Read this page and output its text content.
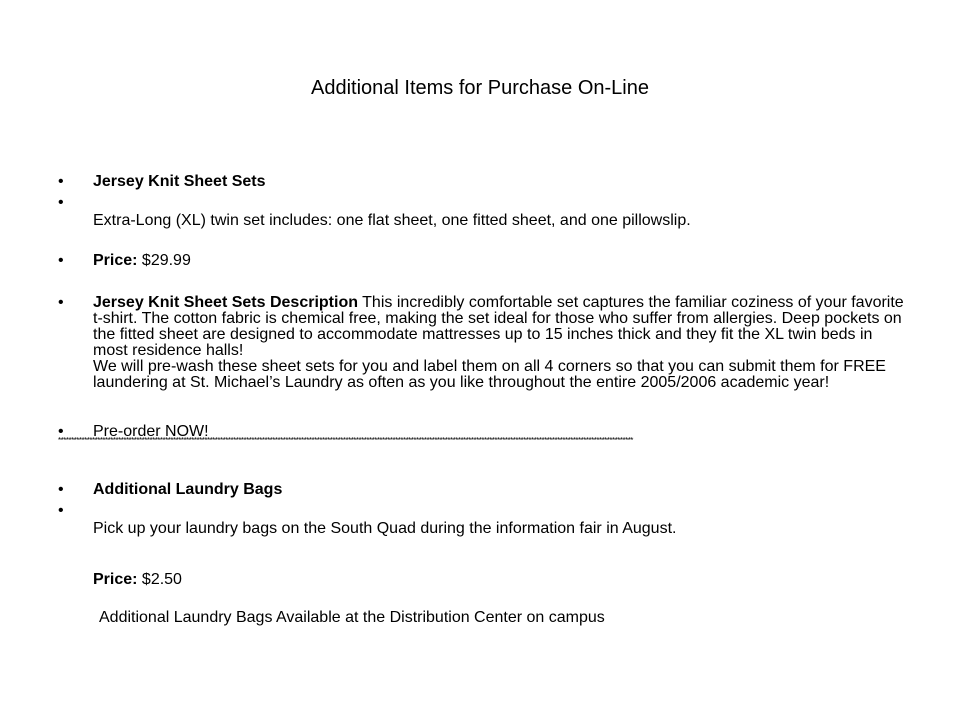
Additional Items for Purchase On-Line
• Jersey Knit Sheet Sets
•
Extra-Long (XL) twin set includes: one flat sheet, one fitted sheet, and one pillowslip.
• Price: $29.99
• Jersey Knit Sheet Sets Description This incredibly comfortable set captures the familiar coziness of your favorite t-shirt. The cotton fabric is chemical free, making the set ideal for those who suffer from allergies. Deep pockets on the fitted sheet are designed to accommodate mattresses up to 15 inches thick and they fit the XL twin beds in most residence halls!

We will pre-wash these sheet sets for you and label them on all 4 corners so that you can submit them for FREE laundering at St. Michael’s Laundry as often as you like throughout the entire 2005/2006 academic year!

• Pre-order NOW!
****************************************************************************************************************************************************************************************************************************
• Additional Laundry Bags
•
Pick up your laundry bags on the South Quad during the information fair in August.
Price: $2.50
Additional Laundry Bags Available at the Distribution Center on campus
